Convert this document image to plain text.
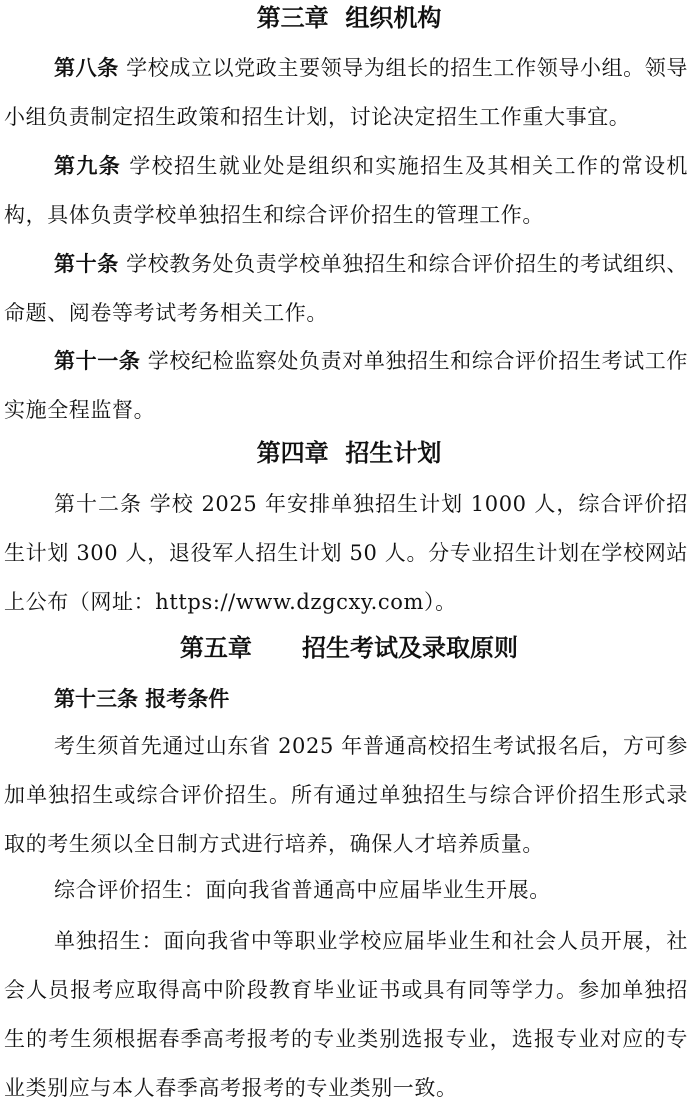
第三章  组织机构

第八条 学校成立以党政主要领导为组长的招生工作领导小组。领导小组负责制定招生政策和招生计划，讨论决定招生工作重大事宜。

第九条 学校招生就业处是组织和实施招生及其相关工作的常设机构，具体负责学校单独招生和综合评价招生的管理工作。

第十条 学校教务处负责学校单独招生和综合评价招生的考试组织、命题、阅卷等考试考务相关工作。

第十一条 学校纪检监察处负责对单独招生和综合评价招生考试工作实施全程监督。

第四章  招生计划

第十二条 学校 2025 年安排单独招生计划 1000 人，综合评价招生计划 300 人，退役军人招生计划 50 人。分专业招生计划在学校网站上公布（网址：https://www.dzgcxy.com）。

第五章      招生考试及录取原则

第十三条 报考条件

考生须首先通过山东省 2025 年普通高校招生考试报名后，方可参加单独招生或综合评价招生。所有通过单独招生与综合评价招生形式录取的考生须以全日制方式进行培养，确保人才培养质量。

综合评价招生：面向我省普通高中应届毕业生开展。

单独招生：面向我省中等职业学校应届毕业生和社会人员开展，社会人员报考应取得高中阶段教育毕业证书或具有同等学力。参加单独招生的考生须根据春季高考报考的专业类别选报专业，选报专业对应的专业类别应与本人春季高考报考的专业类别一致。
